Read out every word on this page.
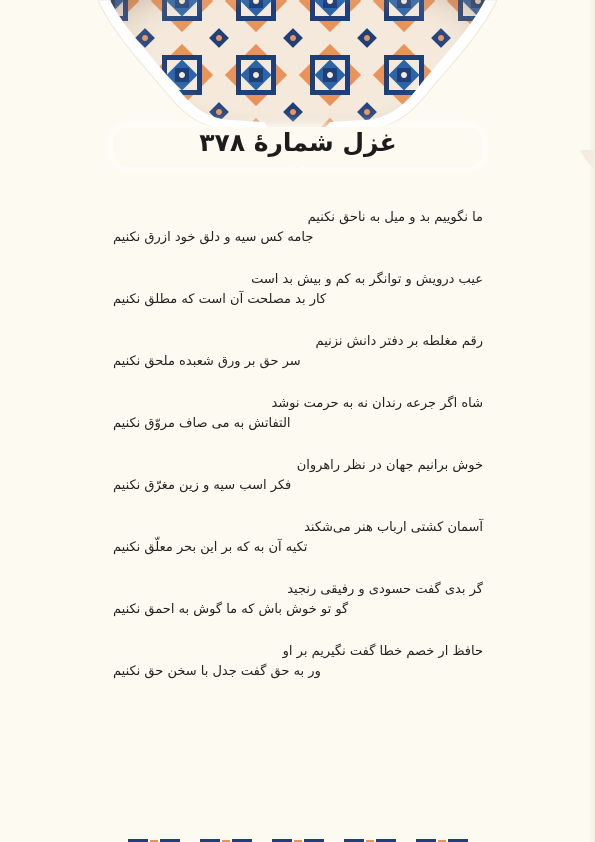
غزل شمارهٔ ۳۷۸
ما نگوییم بد و میل به ناحق نکنیم
جامه کس سیه و دلق خود ازرق نکنیم
عیب درویش و توانگر به کم و بیش بد است
کار بد مصلحت آن است که مطلق نکنیم
رقم مغلطه بر دفتر دانش نزنیم
سر حق بر ورق شعبده ملحق نکنیم
شاه اگر جرعه رندان نه به حرمت نوشد
التفاتش به می صاف مروّق نکنیم
خوش برانیم جهان در نظر راهروان
فکر اسب سیه و زین مغرّق نکنیم
آسمان کشتی ارباب هنر می‌شکند
تکیه آن به که بر این بحر معلّق نکنیم
گر بدی گفت حسودی و رفیقی رنجید
گو تو خوش باش که ما گوش به احمق نکنیم
حافظ ار خصم خطا گفت نگیریم بر او
ور به حق گفت جدل با سخن حق نکنیم
